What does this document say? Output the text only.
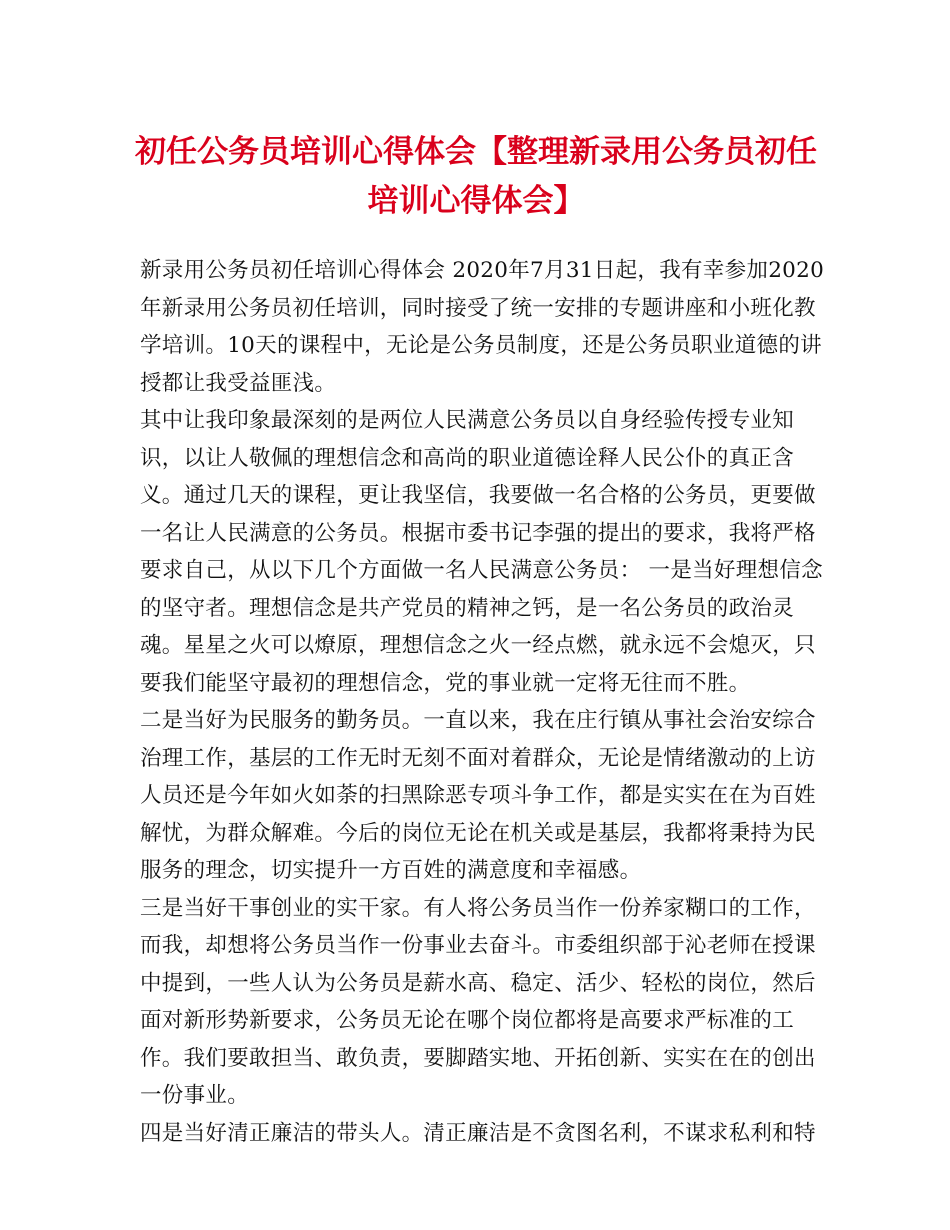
初任公务员培训心得体会【整理新录用公务员初任培训心得体会】

新录用公务员初任培训心得体会 2020年7月31日起，我有幸参加2020年新录用公务员初任培训，同时接受了统一安排的专题讲座和小班化教学培训。10天的课程中，无论是公务员制度，还是公务员职业道德的讲授都让我受益匪浅。

其中让我印象最深刻的是两位人民满意公务员以自身经验传授专业知识，以让人敬佩的理想信念和高尚的职业道德诠释人民公仆的真正含义。通过几天的课程，更让我坚信，我要做一名合格的公务员，更要做一名让人民满意的公务员。根据市委书记李强的提出的要求，我将严格要求自己，从以下几个方面做一名人民满意公务员： 一是当好理想信念的坚守者。理想信念是共产党员的精神之钙，是一名公务员的政治灵魂。星星之火可以燎原，理想信念之火一经点燃，就永远不会熄灭，只要我们能坚守最初的理想信念，党的事业就一定将无往而不胜。

二是当好为民服务的勤务员。一直以来，我在庄行镇从事社会治安综合治理工作，基层的工作无时无刻不面对着群众，无论是情绪激动的上访人员还是今年如火如荼的扫黑除恶专项斗争工作，都是实实在在为百姓解忧，为群众解难。今后的岗位无论在机关或是基层，我都将秉持为民服务的理念，切实提升一方百姓的满意度和幸福感。

三是当好干事创业的实干家。有人将公务员当作一份养家糊口的工作，而我，却想将公务员当作一份事业去奋斗。市委组织部于沁老师在授课中提到，一些人认为公务员是薪水高、稳定、活少、轻松的岗位，然后面对新形势新要求，公务员无论在哪个岗位都将是高要求严标准的工作。我们要敢担当、敢负责，要脚踏实地、开拓创新、实实在在的创出一份事业。

四是当好清正廉洁的带头人。清正廉洁是不贪图名利，不谋求私利和特
